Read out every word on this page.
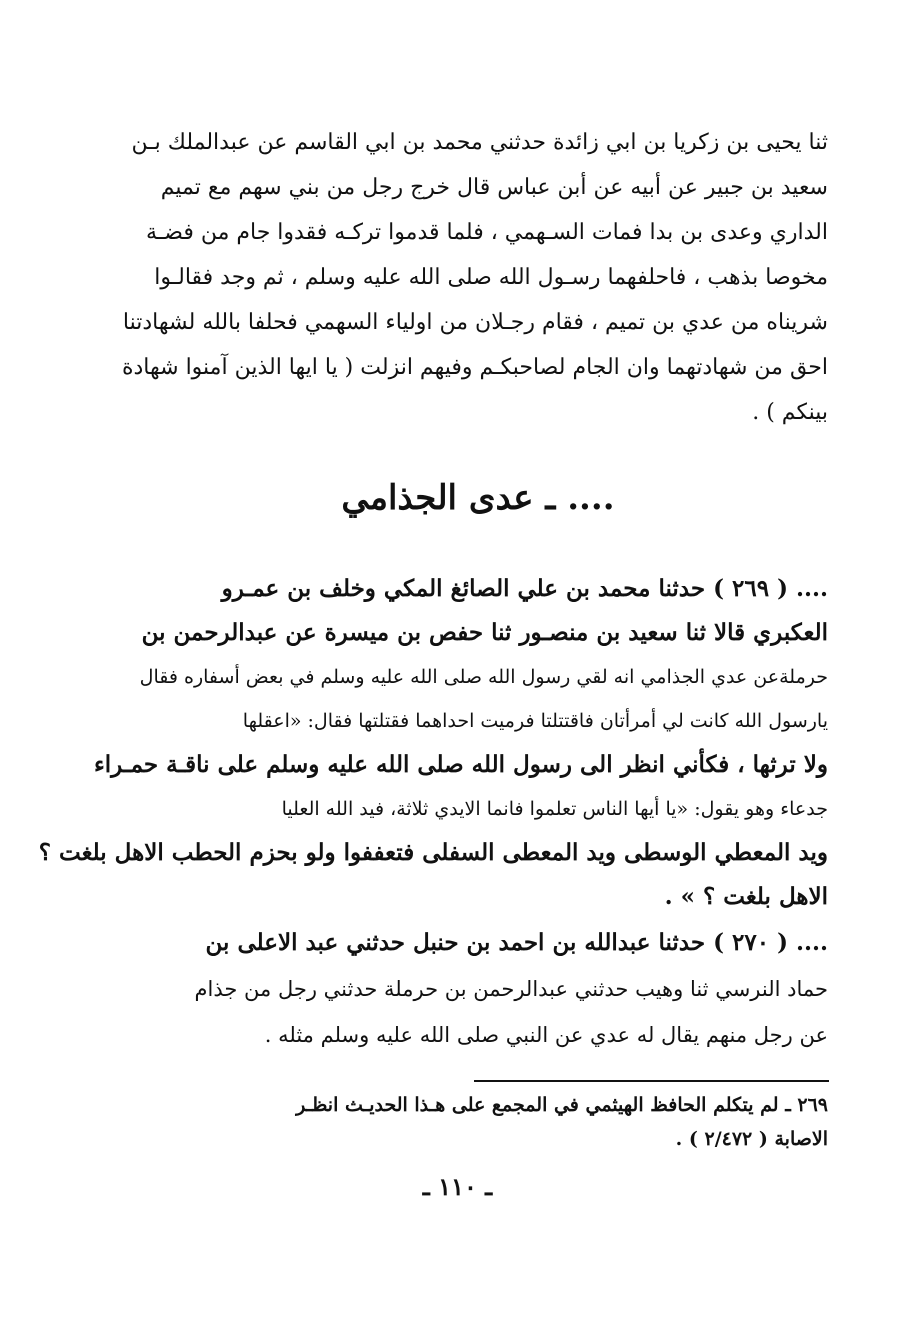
ثنا يحيى بن زكريا بن ابي زائدة حدثني محمد بن ابي القاسم عن عبدالملك بـن
سعيد بن جبير عن أبيه عن أبن عباس قال خرج رجل من بني سهم مع تميم
الداري وعدى بن بدا فمات السـهمي ، فلما قدموا تركـه فقدوا جام من فضـة
مخوصا بذهب ، فاحلفهما رسـول الله صلى الله عليه وسلم ، ثم وجد فقالـوا
شريناه من عدي بن تميم ، فقام رجـلان من اولياء السهمي فحلفا بالله لشهادتنا
احق من شهادتهما وان الجام لصاحبكـم وفيهم انزلت ( يا ايها الذين آمنوا شهادة
بينكم ) .
.... ـ عدى الجذامي
.... ( ٢٦٩ ) حدثنا محمد بن علي الصائغ المكي وخلف بن عمـرو
العكبري قالا ثنا سعيد بن منصـور ثنا حفص بن ميسرة عن عبدالرحمن بن
حرملةعن عدي الجذامي انه لقي رسول الله صلى الله عليه وسلم في بعض أسفاره فقال
يارسول الله كانت لي أمرأتان فاقتتلتا فرميت احداهما فقتلتها فقال: «اعقلها
ولا ترثها ، فكأني انظر الى رسول الله صلى الله عليه وسلم على ناقـة حمـراء
جدعاء وهو يقول: «يا أيها الناس تعلموا فانما الايدي ثلاثة، فيد الله العليا
ويد المعطي الوسطى ويد المعطى السفلى فتعففوا ولو بحزم الحطب الاهل بلغت ؟
الاهل بلغت ؟ » .
.... ( ٢٧٠ ) حدثنا عبدالله بن احمد بن حنبل حدثني عبد الاعلى بن
حماد النرسي ثنا وهيب حدثني عبدالرحمن بن حرملة حدثني رجل من جذام
عن رجل منهم يقال له عدي عن النبي صلى الله عليه وسلم مثله .
٢٦٩ ـ لم يتكلم الحافظ الهيثمي في المجمع على هـذا الحديـث انظـر
الاصابة ( ٢/٤٧٢ ) .
ـ ١١٠ ـ
